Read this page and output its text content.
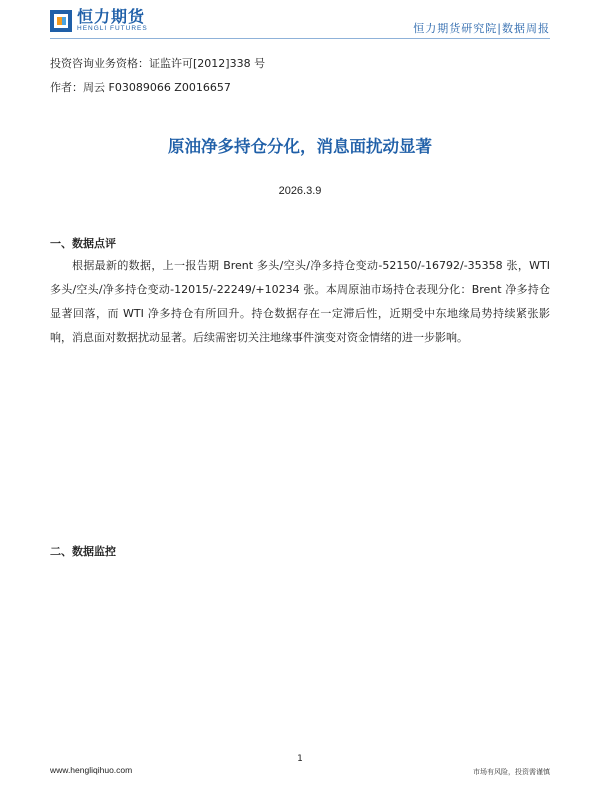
恒力期货
HENGLI FUTURES	恒力期货研究院|数据周报
投资咨询业务资格：证监许可[2012]338 号
作者：周云 F03089066 Z0016657
原油净多持仓分化，消息面扰动显著
2026.3.9
一、数据点评

根据最新的数据，上一报告期 Brent 多头/空头/净多持仓变动-52150/-16792/-35358 张，WTI 多头/空头/净多持仓变动-12015/-22249/+10234 张。本周原油市场持仓表现分化：Brent 净多持仓显著回落，而 WTI 净多持仓有所回升。持仓数据存在一定滞后性，近期受中东地缘局势持续紧张影响，消息面对数据扰动显著。后续需密切关注地缘事件演变对资金情绪的进一步影响。

二、数据监控
1
www.hengliqihuo.com	市场有风险，投资需谨慎
